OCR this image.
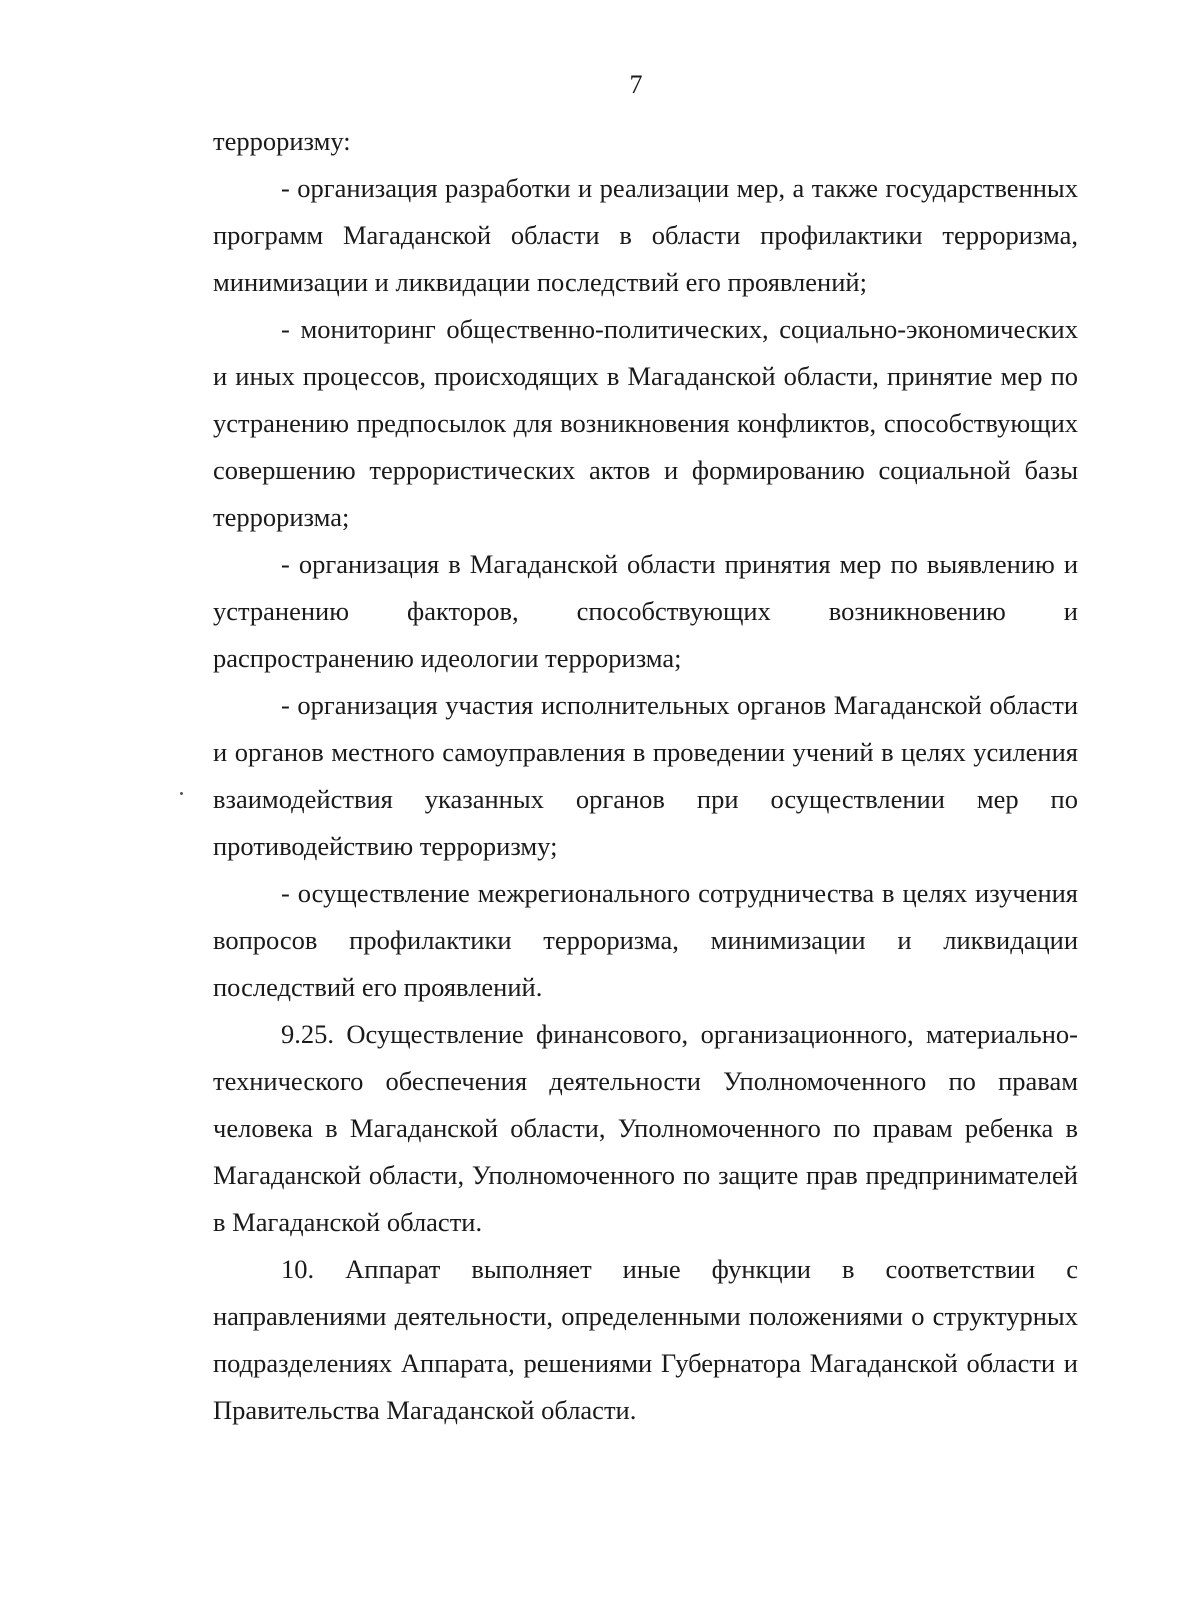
7

терроризму:

- организация разработки и реализации мер, а также государственных программ Магаданской области в области профилактики терроризма, минимизации и ликвидации последствий его проявлений;

- мониторинг общественно-политических, социально-экономических и иных процессов, происходящих в Магаданской области, принятие мер по устранению предпосылок для возникновения конфликтов, способствующих совершению террористических актов и формированию социальной базы терроризма;

- организация в Магаданской области принятия мер по выявлению и устранению факторов, способствующих возникновению и распространению идеологии терроризма;

- организация участия исполнительных органов Магаданской области и органов местного самоуправления в проведении учений в целях усиления взаимодействия указанных органов при осуществлении мер по противодействию терроризму;

- осуществление межрегионального сотрудничества в целях изучения вопросов профилактики терроризма, минимизации и ликвидации последствий его проявлений.

9.25. Осуществление финансового, организационного, материально-технического обеспечения деятельности Уполномоченного по правам человека в Магаданской области, Уполномоченного по правам ребенка в Магаданской области, Уполномоченного по защите прав предпринимателей в Магаданской области.

10. Аппарат выполняет иные функции в соответствии с направлениями деятельности, определенными положениями о структурных подразделениях Аппарата, решениями Губернатора Магаданской области и Правительства Магаданской области.
